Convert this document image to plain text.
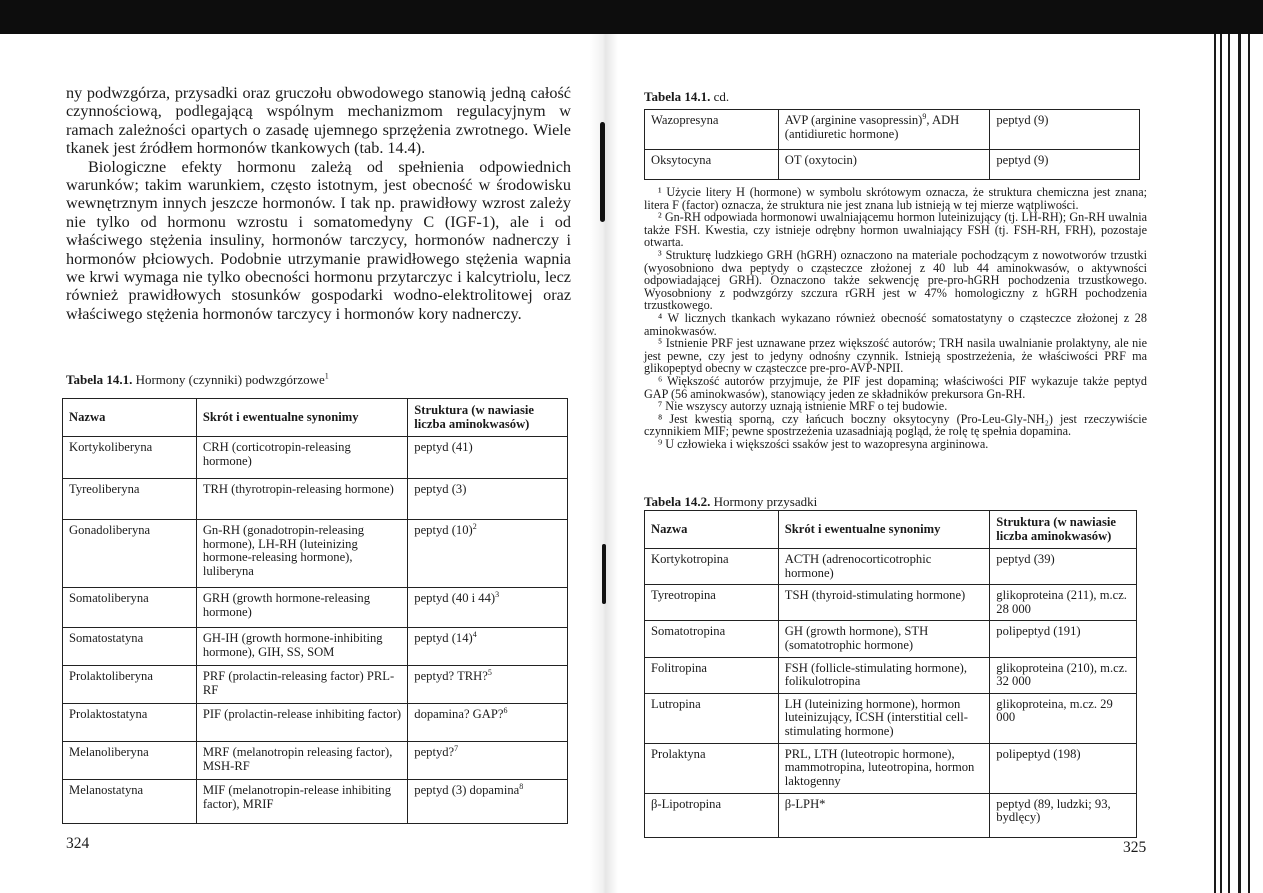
ny podwzgórza, przysadki oraz gruczołu obwodowego stanowią jedną całość czynnościową, podlegającą wspólnym mechanizmom regulacyjnym w ramach zależności opartych o zasadę ujemnego sprzężenia zwrotnego. Wiele tkanek jest źródłem hormonów tkankowych (tab. 14.4).

Biologiczne efekty hormonu zależą od spełnienia odpowiednich warunków; takim warunkiem, często istotnym, jest obecność w środowisku wewnętrznym innych jeszcze hormonów. I tak np. prawidłowy wzrost zależy nie tylko od hormonu wzrostu i somatomedyny C (IGF-1), ale i od właściwego stężenia insuliny, hormonów tarczycy, hormonów nadnerczy i hormonów płciowych. Podobnie utrzymanie prawidłowego stężenia wapnia we krwi wymaga nie tylko obecności hormonu przytarczyc i kalcytriolu, lecz również prawidłowych stosunków gospodarki wodno-elektrolitowej oraz właściwego stężenia hormonów tarczycy i hormonów kory nadnerczy.

Tabela 14.1. Hormony (czynniki) podwzgórzowe$^1$
Nazwa	Skrót i ewentualne synonimy	Struktura (w nawiasie liczba aminokwasów)
Kortykoliberyna	CRH (corticotropin-releasing hormone)	peptyd (41)
Tyreoliberyna	TRH (thyrotropin-releasing hormone)	peptyd (3)
Gonadoliberyna	Gn-RH (gonadotropin-releasing hormone), LH-RH (luteinizing hormone-releasing hormone), luliberyna	peptyd $(10)^2$
Somatoliberyna	GRH (growth hormone-releasing hormone)	peptyd (40 i 44)$^3$
Somatostatyna	GH-IH (growth hormone-inhibiting hormone), GIH, SS, SOM	peptyd $(14)^4$
Prolaktoliberyna	PRF (prolactin-releasing factor) PRL-RF	peptyd? TRH?$^5$
Prolaktostatyna	PIF (prolactin-release inhibiting factor)	dopamina? GAP?$^6$
Melanoliberyna	MRF (melanotropin releasing factor), MSH-RF	peptyd?$^7$
Melanostatyna	MIF (melanotropin-release inhibiting factor), MRIF	peptyd (3) dopamina$^8$
324
Tabela 14.1. cd.
Wazopresyna	AVP (arginine vasopressin)$^9$, ADH (antidiuretic hormone)	peptyd (9)
Oksytocyna	OT (oxytocin)	peptyd (9)

¹ Użycie litery H (hormone) w symbolu skrótowym oznacza, że struktura chemiczna jest znana; litera F (factor) oznacza, że struktura nie jest znana lub istnieją w tej mierze wątpliwości.

² Gn-RH odpowiada hormonowi uwalniającemu hormon luteinizujący (tj. LH-RH); Gn-RH uwalnia także FSH. Kwestia, czy istnieje odrębny hormon uwalniający FSH (tj. FSH-RH, FRH), pozostaje otwarta.

³ Strukturę ludzkiego GRH (hGRH) oznaczono na materiale pochodzącym z nowotworów trzustki (wyosobniono dwa peptydy o cząsteczce złożonej z 40 lub 44 aminokwasów, o aktywności odpowiadającej GRH). Oznaczono także sekwencję pre-pro-hGRH pochodzenia trzustkowego. Wyosobniony z podwzgórzy szczura rGRH jest w 47% homologiczny z hGRH pochodzenia trzustkowego.

⁴ W licznych tkankach wykazano również obecność somatostatyny o cząsteczce złożonej z 28 aminokwasów.

⁵ Istnienie PRF jest uznawane przez większość autorów; TRH nasila uwalnianie prolaktyny, ale nie jest pewne, czy jest to jedyny odnośny czynnik. Istnieją spostrzeżenia, że właściwości PRF ma glikopeptyd obecny w cząsteczce pre-pro-AVP-NPII.

⁶ Większość autorów przyjmuje, że PIF jest dopaminą; właściwości PIF wykazuje także peptyd GAP (56 aminokwasów), stanowiący jeden ze składników prekursora Gn-RH.

⁷ Nie wszyscy autorzy uznają istnienie MRF o tej budowie.

⁸ Jest kwestią sporną, czy łańcuch boczny oksytocyny (Pro-Leu-Gly-NH₂) jest rzeczywiście czynnikiem MIF; pewne spostrzeżenia uzasadniają pogląd, że rolę tę spełnia dopamina.

⁹ U człowieka i większości ssaków jest to wazopresyna argininowa.

Tabela 14.2. Hormony przysadki
Nazwa	Skrót i ewentualne synonimy	Struktura (w nawiasie liczba aminokwasów)
Kortykotropina	ACTH (adrenocorticotrophic hormone)	peptyd (39)
Tyreotropina	TSH (thyroid-stimulating hormone)	glikoproteina (211), m.cz. 28 000
Somatotropina	GH (growth hormone), STH (somatotrophic hormone)	polipeptyd (191)
Folitropina	FSH (follicle-stimulating hormone), folikulotropina	glikoproteina (210), m.cz. 32 000
Lutropina	LH (luteinizing hormone), hormon luteinizujący, ICSH (interstitial cell-stimulating hormone)	glikoproteina, m.cz. 29 000
Prolaktyna	PRL, LTH (luteotropic hormone), mammotropina, luteotropina, hormon laktogenny	polipeptyd (198)
β-Lipotropina	β-LPH*	peptyd (89, ludzki; 93, bydlęcy)
325
